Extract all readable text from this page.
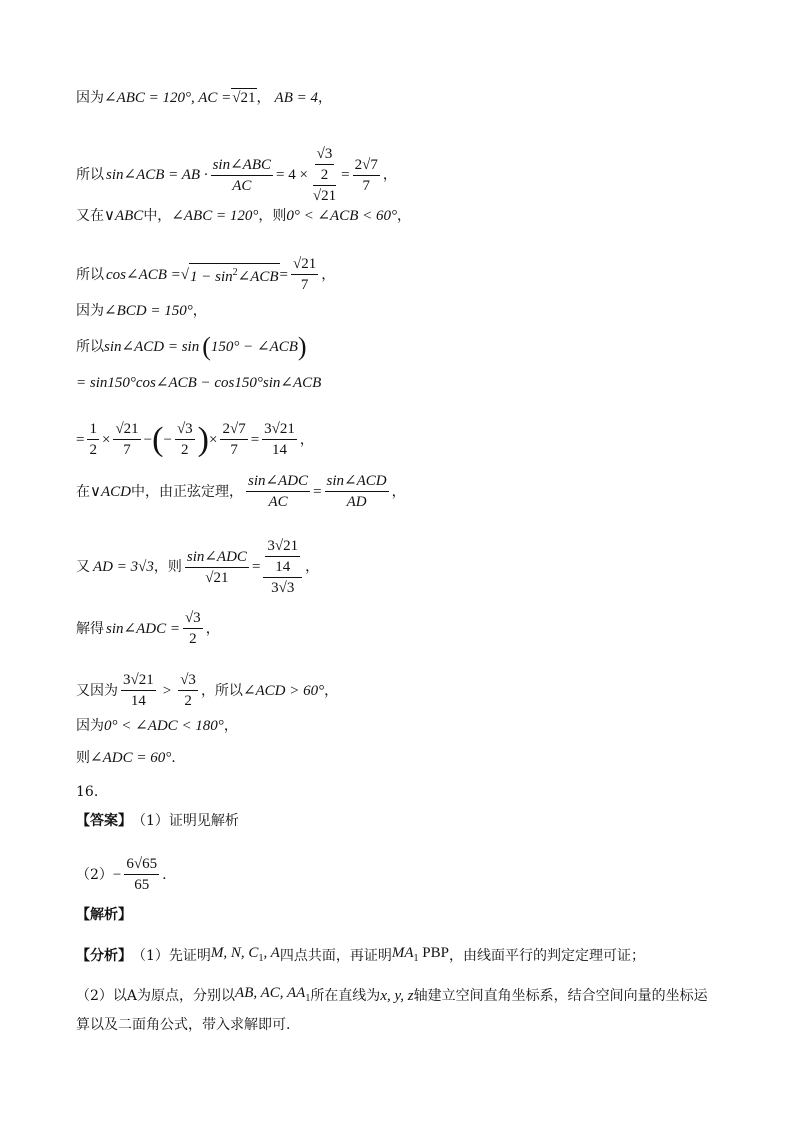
因为 ∠ABC = 120°, AC = √21 ， AB = 4 ，
所以 sin∠ACB = AB · $\frac{\text{sin∠ABC}}{AC} = 4 \times \frac{\frac{√3}{2}}{√21} = \frac{2√7}{7}$ ，
又在 ∨ABC 中， ∠ABC = 120° ，则 0° < ∠ACB < 60° ，
所以 cos∠ACB = √ $1 - \sin^2\angle ACB = \frac{√21}{7}$ ，
因为 ∠BCD = 150° ，
所以 sin∠ACD = sin ( 150° − ∠ACB )
= sin150°cos∠ACB − cos150°sin∠ACB
= $\frac{1}{2} \times \frac{√21}{7}$ − ( − $\frac{√3}{2}$ ) × $\frac{2√7}{7} = \frac{3√21}{14}$ ，
在 ∨ACD 中，由正弦定理， $\frac{\text{sin∠ADC}}{AC} = \frac{\text{sin∠ACD}}{AD}$ ，
又 AD = 3√3 ，则 $\frac{\text{sin∠ADC}}{√21} = \frac{\frac{3√21}{14}}{3√3}$ ，
解得 sin∠ADC = $\frac{√3}{2}$ ，
又因为 $\frac{3√21}{14} > \frac{√3}{2}$ ，所以 ∠ACD > 60° ，
因为 0° < ∠ADC < 180° ，
则 ∠ADC = 60° .
16.
【答案】 （1）证明见解析
$(2) - \frac{6√65}{65}$ .
【解析】
【分析】 （1）先证明 M, N, $C_1$, A 四点共面，再证明 $MA_1$ PBP ，由线面平行的判定定理可证；
（2）以A为原点，分别以 AB, AC, $AA_1$ 所在直线为 x, y, z 轴建立空间直角坐标系，结合空间向量的坐标运
算以及二面角公式，带入求解即可.
